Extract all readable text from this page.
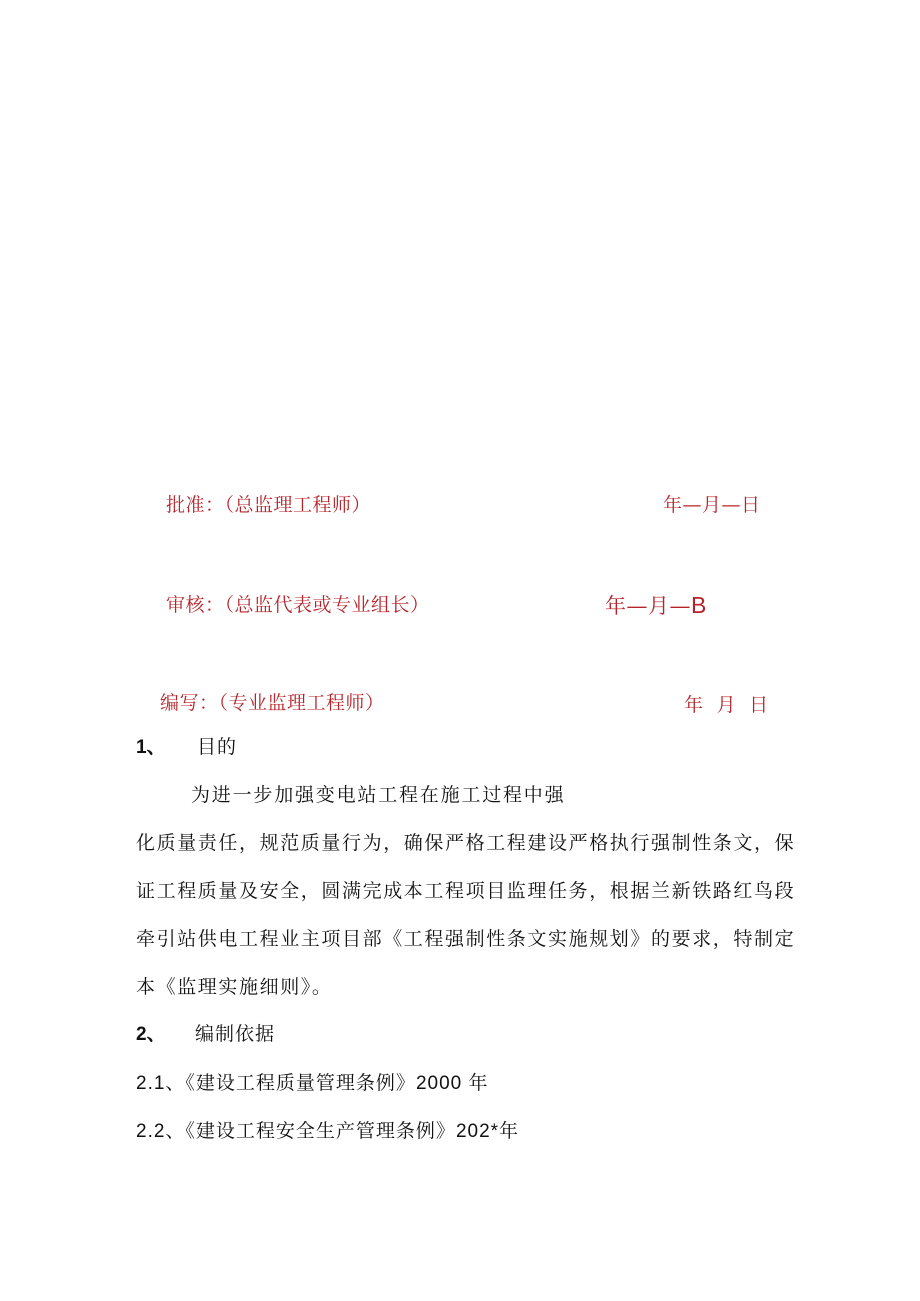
批准：（总监理工程师）	年—月—日
审核：（总监代表或专业组长）	年—月—B
编写：（专业监理工程师）	年  月  日
1、 目的
为进一步加强变电站工程在施工过程中强
化质量责任，规范质量行为，确保严格工程建设严格执行强制性条文，保
证工程质量及安全，圆满完成本工程项目监理任务，根据兰新铁路红鸟段
牵引站供电工程业主项目部《工程强制性条文实施规划》的要求，特制定
本《监理实施细则》。
2、 编制依据
2.1、《建设工程质量管理条例》2000 年
2.2、《建设工程安全生产管理条例》202*年
